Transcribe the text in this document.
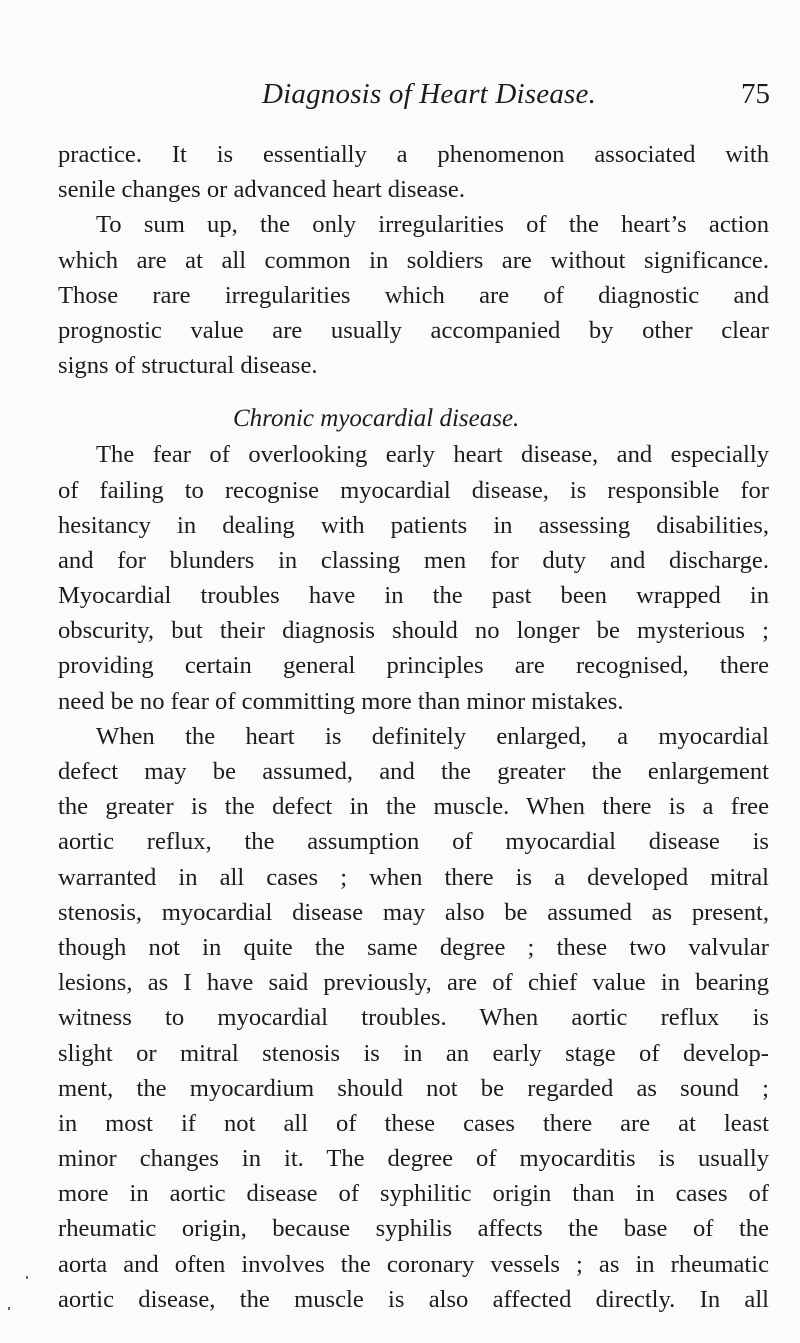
Diagnosis of Heart Disease.	75
practice. It is essentially a phenomenon associated with
senile changes or advanced heart disease.
To sum up, the only irregularities of the heart’s action
which are at all common in soldiers are without significance.
Those rare irregularities which are of diagnostic and
prognostic value are usually accompanied by other clear
signs of structural disease.
Chronic myocardial disease.
The fear of overlooking early heart disease, and especially
of failing to recognise myocardial disease, is responsible for
hesitancy in dealing with patients in assessing disabilities,
and for blunders in classing men for duty and discharge.
Myocardial troubles have in the past been wrapped in
obscurity, but their diagnosis should no longer be mysterious ;
providing certain general principles are recognised, there
need be no fear of committing more than minor mistakes.
When the heart is definitely enlarged, a myocardial
defect may be assumed, and the greater the enlargement
the greater is the defect in the muscle. When there is a free
aortic reflux, the assumption of myocardial disease is
warranted in all cases ; when there is a developed mitral
stenosis, myocardial disease may also be assumed as present,
though not in quite the same degree ; these two valvular
lesions, as I have said previously, are of chief value in bearing
witness to myocardial troubles. When aortic reflux is
slight or mitral stenosis is in an early stage of develop-
ment, the myocardium should not be regarded as sound ;
in most if not all of these cases there are at least
minor changes in it. The degree of myocarditis is usually
more in aortic disease of syphilitic origin than in cases of
rheumatic origin, because syphilis affects the base of the
aorta and often involves the coronary vessels ; as in rheumatic
aortic disease, the muscle is also affected directly. In all
